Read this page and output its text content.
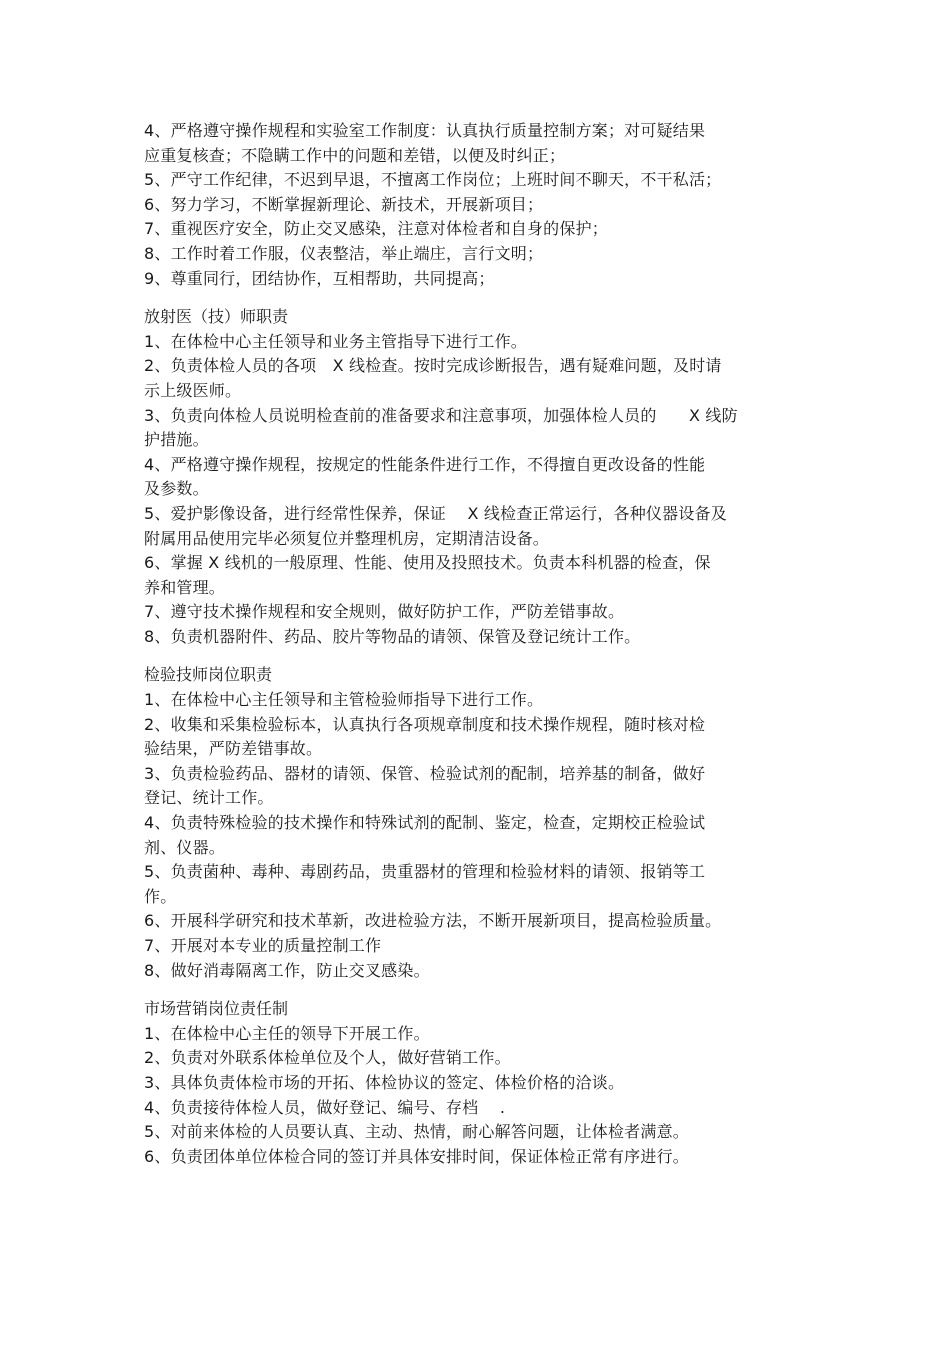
4、严格遵守操作规程和实验室工作制度：认真执行质量控制方案；对可疑结果
应重复核查；不隐瞒工作中的问题和差错，以便及时纠正；
5、严守工作纪律，不迟到早退，不擅离工作岗位；上班时间不聊天，不干私活；
6、努力学习，不断掌握新理论、新技术，开展新项目；
7、重视医疗安全，防止交叉感染，注意对体检者和自身的保护；
8、工作时着工作服，仪表整洁，举止端庄，言行文明；
9、尊重同行，团结协作，互相帮助，共同提高；
放射医（技）师职责
1、在体检中心主任领导和业务主管指导下进行工作。
2、负责体检人员的各项　X 线检查。按时完成诊断报告，遇有疑难问题，及时请
示上级医师。
3、负责向体检人员说明检查前的准备要求和注意事项，加强体检人员的　　X 线防
护措施。
4、严格遵守操作规程，按规定的性能条件进行工作，不得擅自更改设备的性能
及参数。
5、爱护影像设备，进行经常性保养，保证　 X 线检查正常运行，各种仪器设备及
附属用品使用完毕必须复位并整理机房，定期清洁设备。
6、掌握 X 线机的一般原理、性能、使用及投照技术。负责本科机器的检查，保
养和管理。
7、遵守技术操作规程和安全规则，做好防护工作，严防差错事故。
8、负责机器附件、药品、胶片等物品的请领、保管及登记统计工作。
检验技师岗位职责
1、在体检中心主任领导和主管检验师指导下进行工作。
2、收集和采集检验标本，认真执行各项规章制度和技术操作规程，随时核对检
验结果，严防差错事故。
3、负责检验药品、器材的请领、保管、检验试剂的配制，培养基的制备，做好
登记、统计工作。
4、负责特殊检验的技术操作和特殊试剂的配制、鉴定，检查，定期校正检验试
剂、仪器。
5、负责菌种、毒种、毒剧药品，贵重器材的管理和检验材料的请领、报销等工
作。
6、开展科学研究和技术革新，改进检验方法，不断开展新项目，提高检验质量。
7、开展对本专业的质量控制工作
8、做好消毒隔离工作，防止交叉感染。
市场营销岗位责任制
1、在体检中心主任的领导下开展工作。
2、负责对外联系体检单位及个人，做好营销工作。
3、具体负责体检市场的开拓、体检协议的签定、体检价格的洽谈。
4、负责接待体检人员，做好登记、编号、存档　 .
5、对前来体检的人员要认真、主动、热情，耐心解答问题，让体检者满意。
6、负责团体单位体检合同的签订并具体安排时间，保证体检正常有序进行。
